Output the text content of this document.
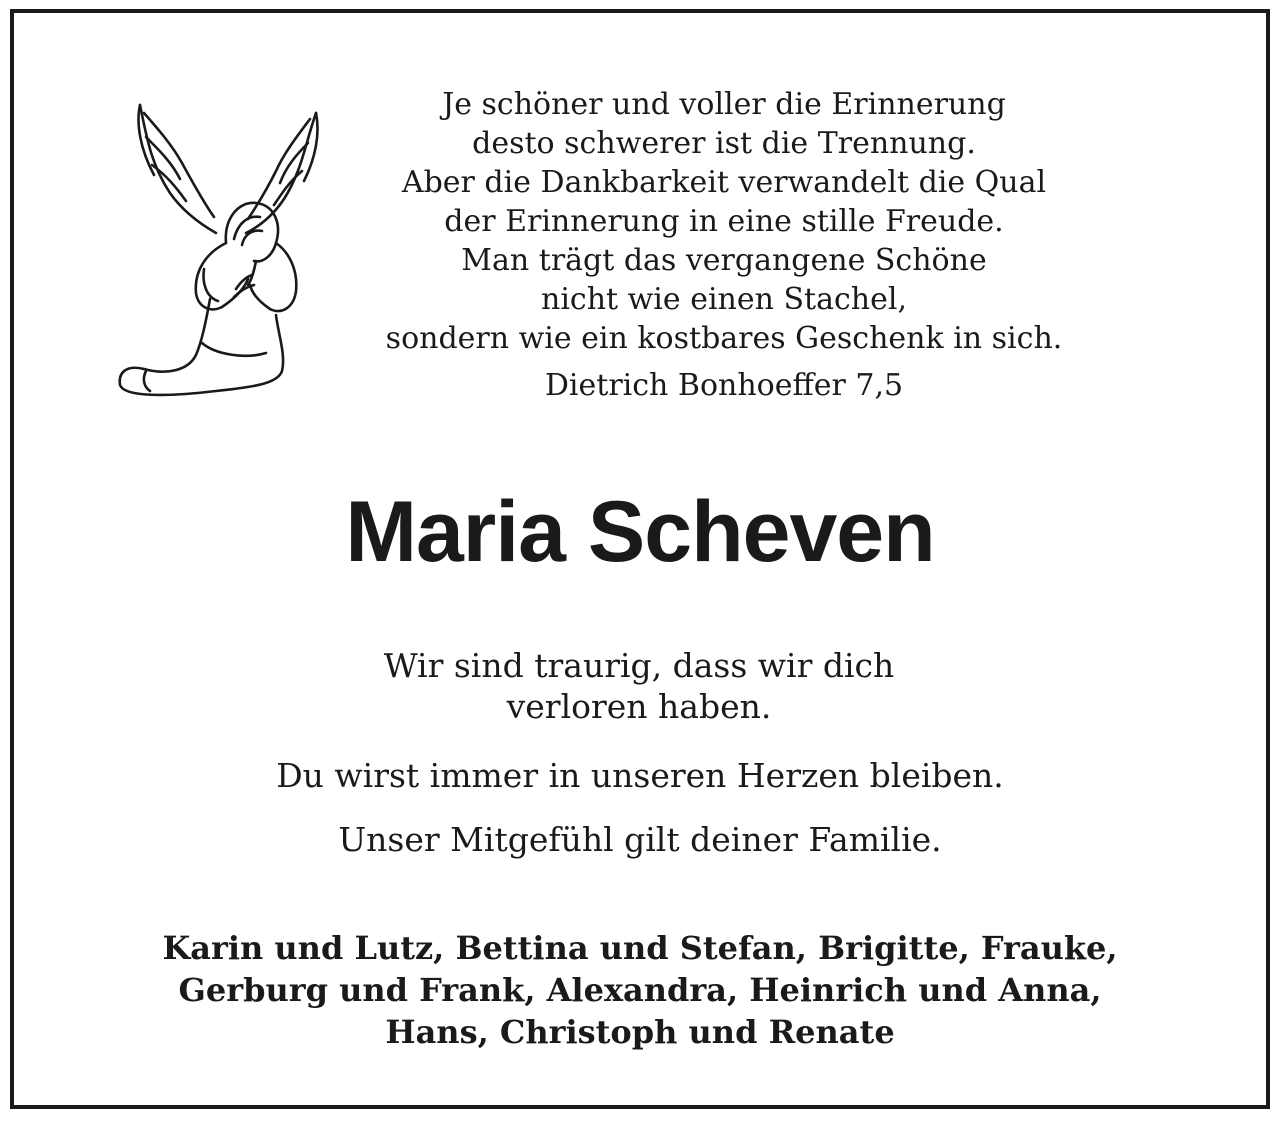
Je schöner und voller die Erinnerung
desto schwerer ist die Trennung.
Aber die Dankbarkeit verwandelt die Qual
der Erinnerung in eine stille Freude.
Man trägt das vergangene Schöne
nicht wie einen Stachel,
sondern wie ein kostbares Geschenk in sich.
Dietrich Bonhoeffer 7,5
Maria Scheven
Wir sind traurig, dass wir dich
verloren haben.
Du wirst immer in unseren Herzen bleiben.
Unser Mitgefühl gilt deiner Familie.
Karin und Lutz, Bettina und Stefan, Brigitte, Frauke,
Gerburg und Frank, Alexandra, Heinrich und Anna,
Hans, Christoph und Renate
